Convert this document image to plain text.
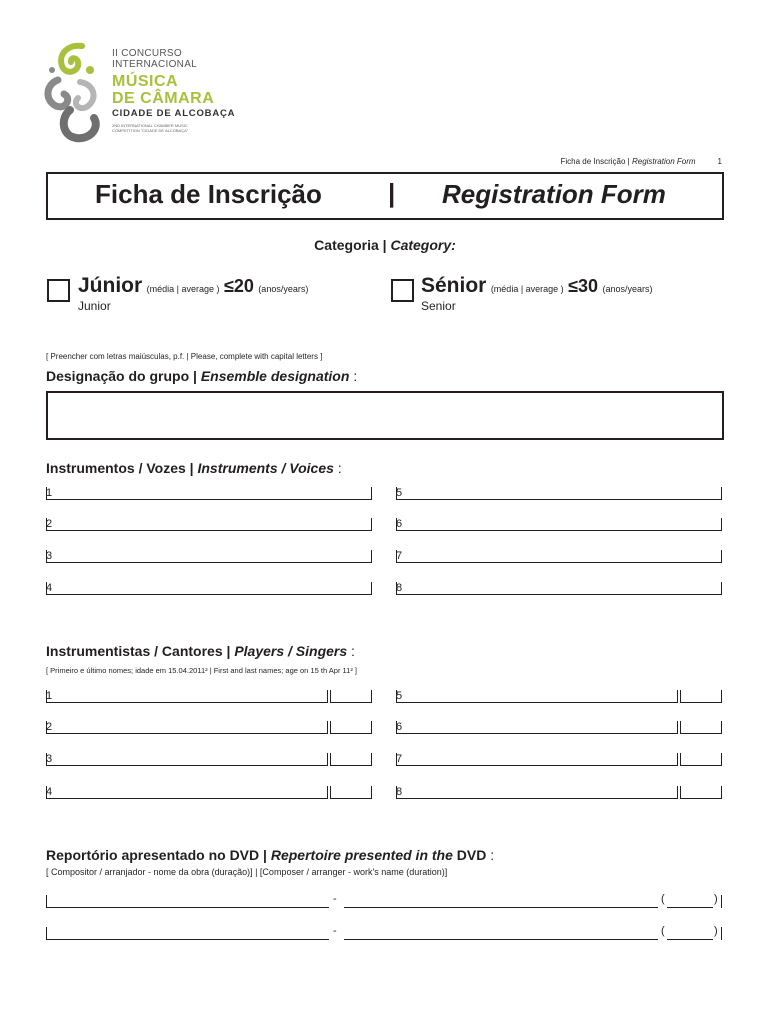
II CONCURSO
INTERNACIONAL
MÚSICA
DE CÂMARA
CIDADE DE ALCOBAÇA
2ND INTERNATIONAL CHAMBER MUSIC
COMPETITION "CIDADE DE ALCOBAÇA"
Ficha de Inscrição | Registration Form	1
Ficha de Inscrição	| Registration Form
Categoria | Category:
Júnior (média | average ) ≤20 (anos/years)
Junior
Sénior (média | average ) ≤30 (anos/years)
Senior
[ Preencher com letras maiúsculas, p.f. | Please, complete with capital letters ]
Designação do grupo | Ensemble designation :
Instrumentos / Vozes | Instruments / Voices :
Instrumentistas / Cantores | Players / Singers :
[ Primeiro e último nomes; idade em 15.04.2011² | First and last names; age on 15 th Apr 11² ]
Reportório apresentado no DVD | Repertoire presented in the DVD :
[ Compositor / arranjador - nome da obra (duração)] | [Composer / arranger - work's name (duration)]
1
2
3
4
5
6
7
8
1
2
3
4
5
6
7
8
-	(	)
-	(	)
